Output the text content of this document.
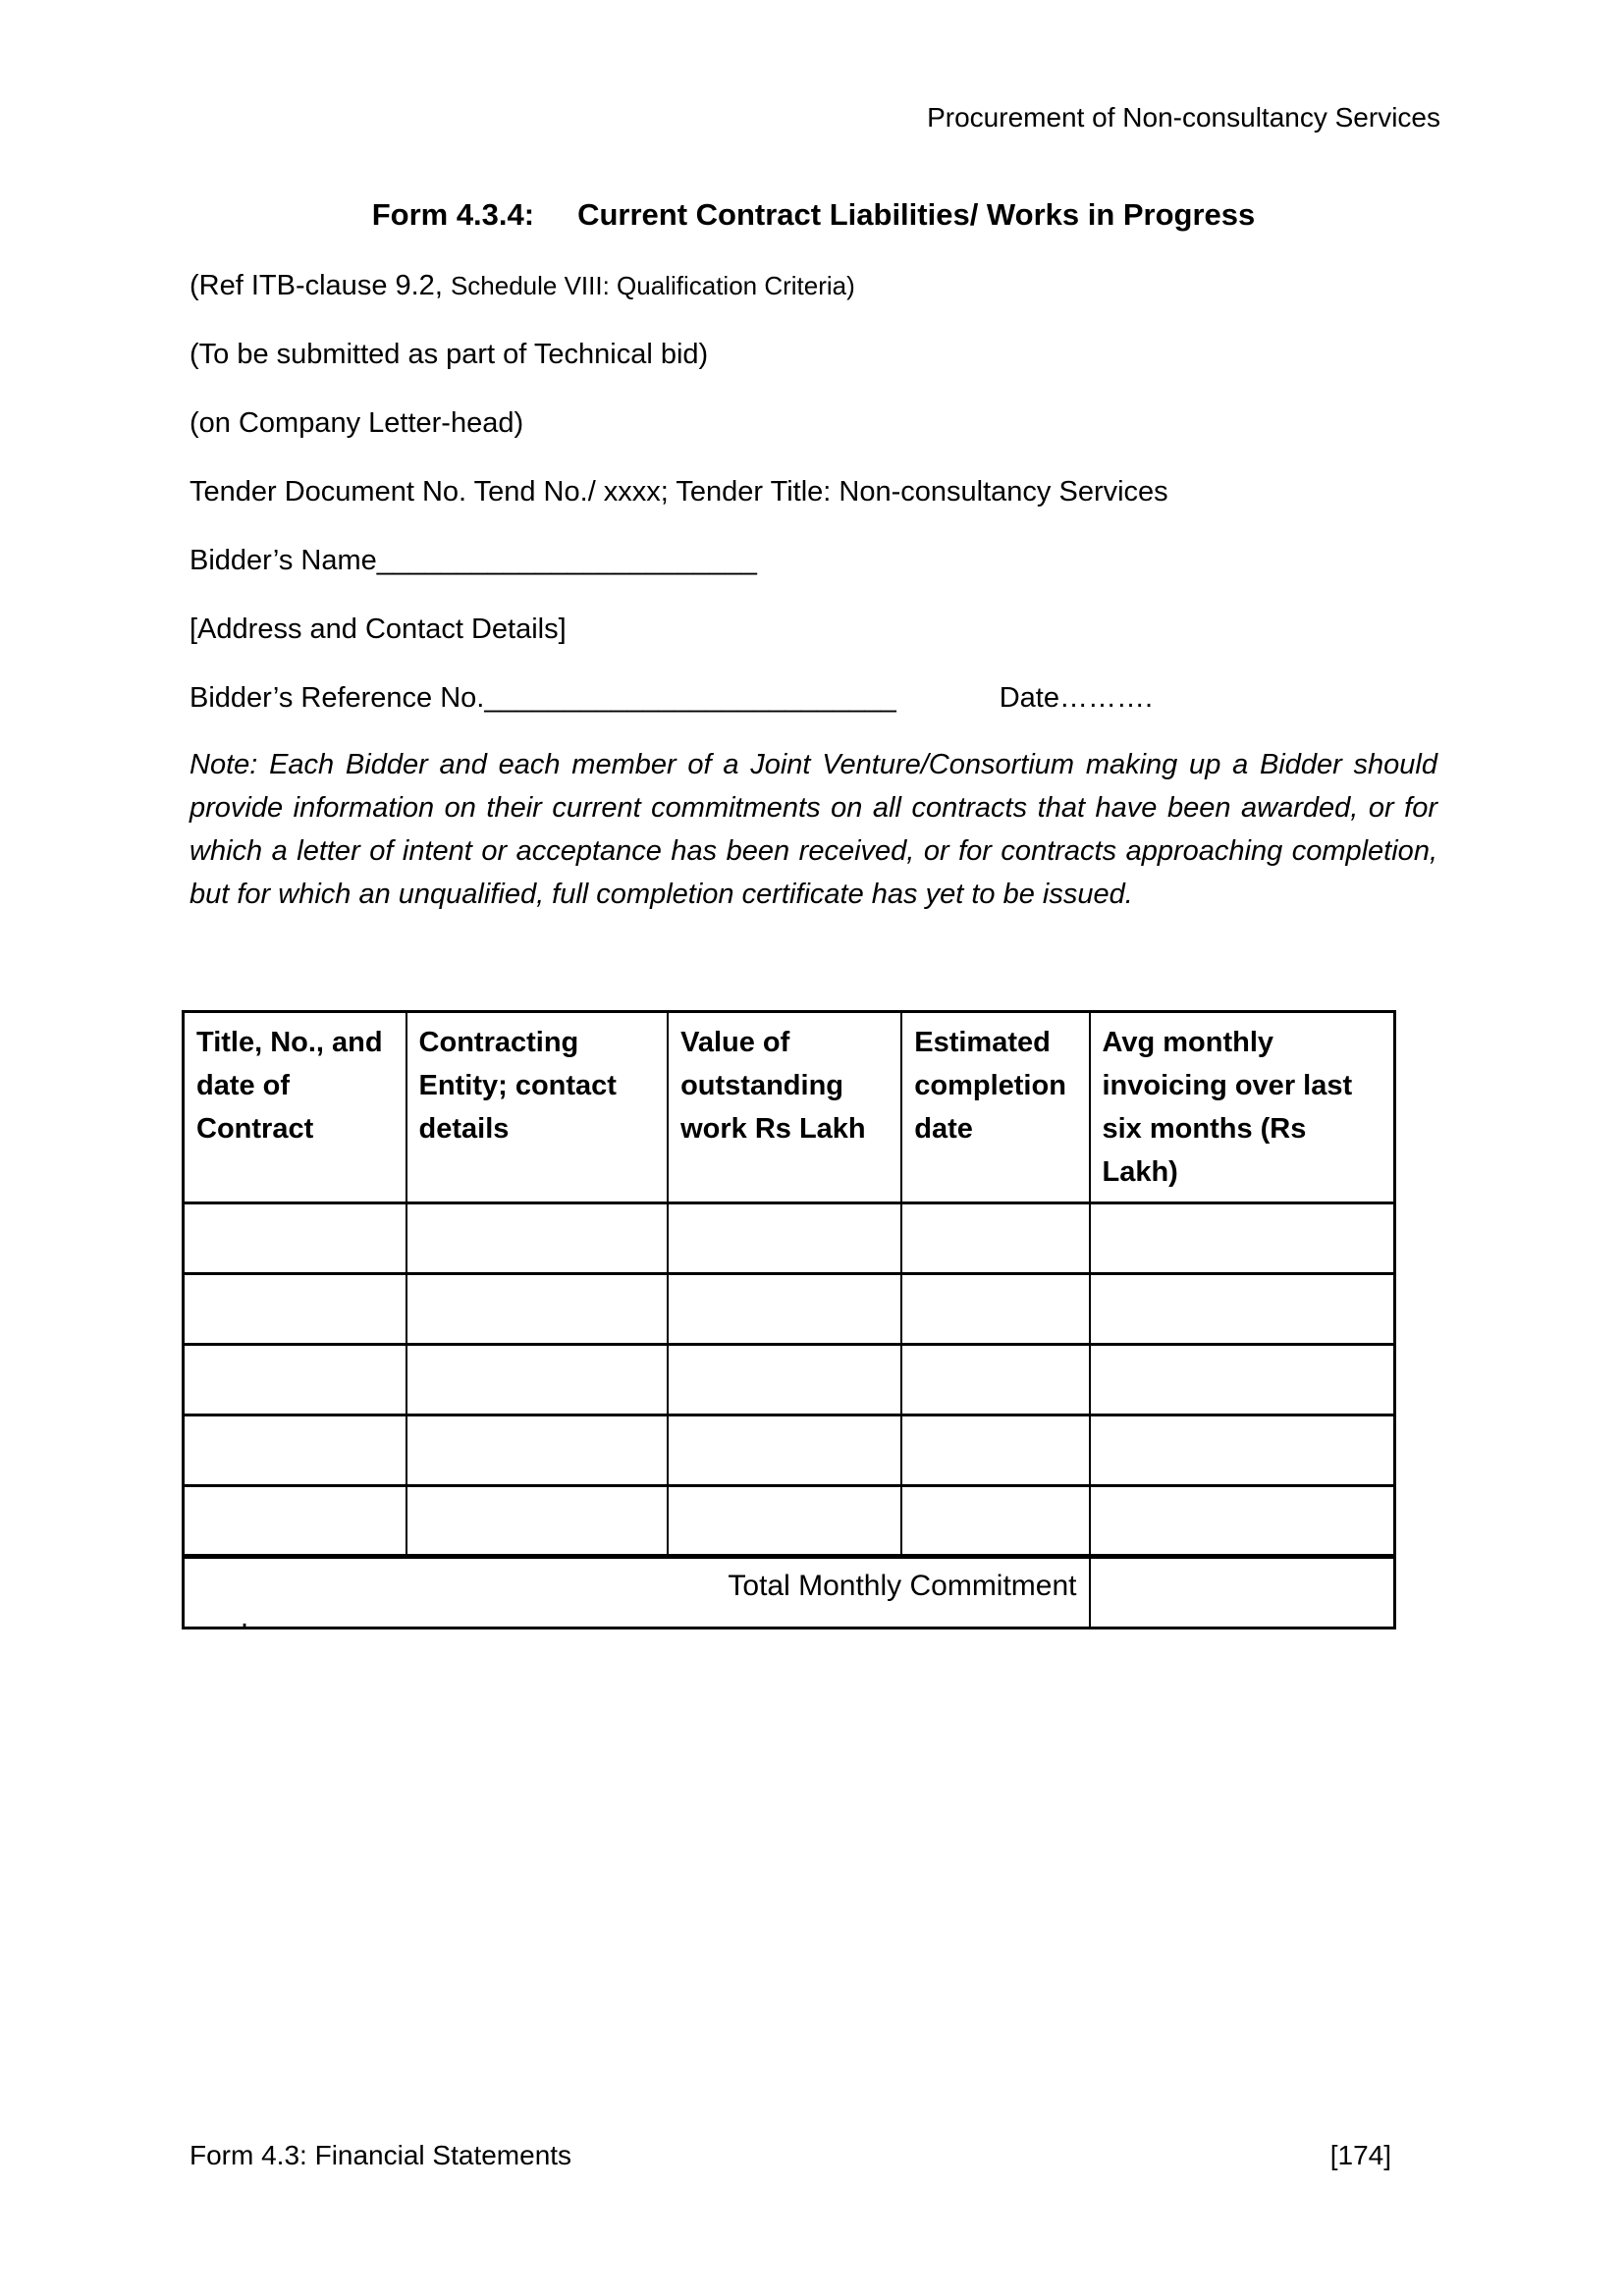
Procurement of Non-consultancy Services
Form 4.3.4: Current Contract Liabilities/ Works in Progress

(Ref ITB-clause 9.2, Schedule VIII: Qualification Criteria)

(To be submitted as part of Technical bid)

(on Company Letter-head)

Tender Document No. Tend No./ xxxx; Tender Title: Non-consultancy Services

Bidder’s Name________________________

[Address and Contact Details]

Bidder’s Reference No.__________________________	Date……….

Note: Each Bidder and each member of a Joint Venture/Consortium making up a Bidder should provide information on their current commitments on all contracts that have been awarded, or for which a letter of intent or acceptance has been received, or for contracts approaching completion, but for which an unqualified, full completion certificate has yet to be issued.

Title, No., and date of Contract	Contracting Entity; contact details	Value of outstanding work Rs Lakh	Estimated completion date	Avg monthly invoicing over last six months (Rs Lakh)

Total Monthly Commitment				

.

Form 4.3: Financial Statements	[174]
